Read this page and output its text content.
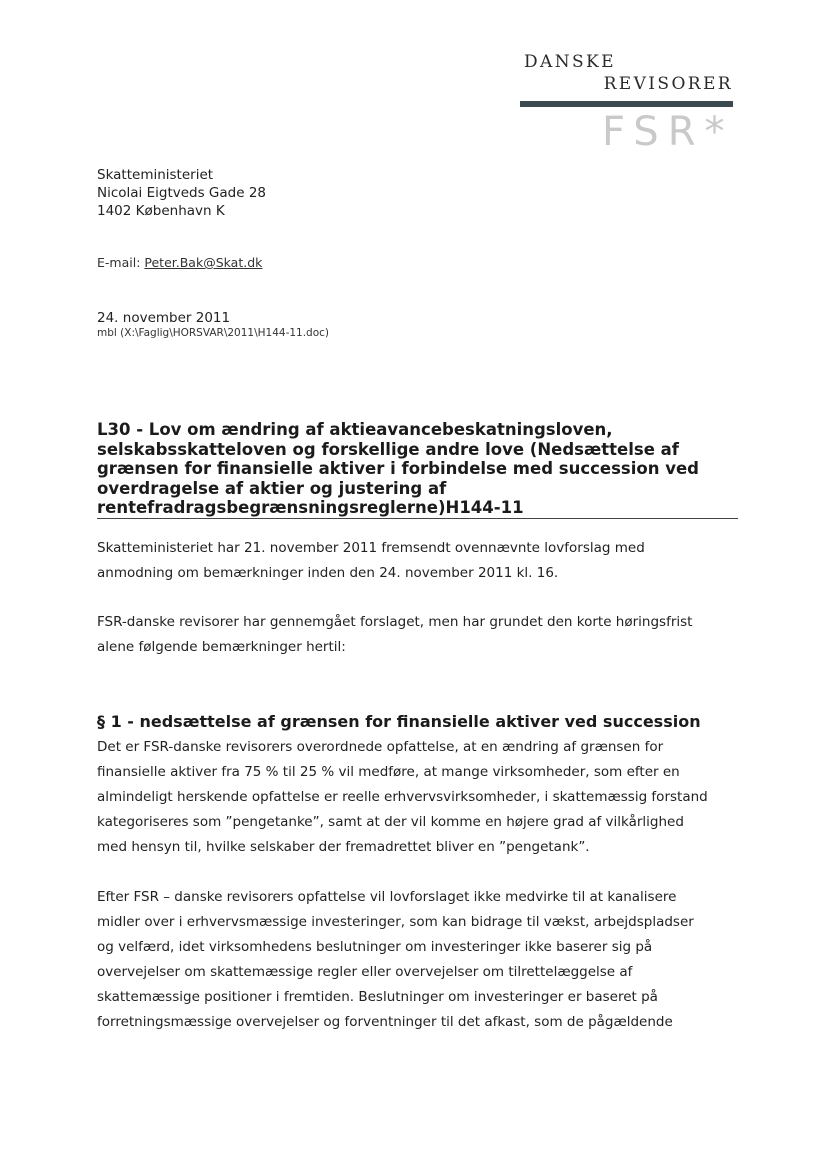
DANSKE
REVISORER
FSR*
Skatteministeriet
Nicolai Eigtveds Gade 28
1402 København K
E-mail: Peter.Bak@Skat.dk
24. november 2011
mbl (X:\Faglig\HORSVAR\2011\H144-11.doc)
L30 - Lov om ændring af aktieavancebeskatningsloven,
selskabsskatteloven og forskellige andre love (Nedsættelse af
grænsen for finansielle aktiver i forbindelse med succession ved
overdragelse af aktier og justering af
rentefradragsbegrænsningsreglerne)H144-11
Skatteministeriet har 21. november 2011 fremsendt ovennævnte lovforslag med
anmodning om bemærkninger inden den 24. november 2011 kl. 16.
FSR-danske revisorer har gennemgået forslaget, men har grundet den korte høringsfrist
alene følgende bemærkninger hertil:
§ 1 - nedsættelse af grænsen for finansielle aktiver ved succession
Det er FSR-danske revisorers overordnede opfattelse, at en ændring af grænsen for
finansielle aktiver fra 75 % til 25 % vil medføre, at mange virksomheder, som efter en
almindeligt herskende opfattelse er reelle erhvervsvirksomheder, i skattemæssig forstand
kategoriseres som ”pengetanke”, samt at der vil komme en højere grad af vilkårlighed
med hensyn til, hvilke selskaber der fremadrettet bliver en ”pengetank”.
Efter FSR – danske revisorers opfattelse vil lovforslaget ikke medvirke til at kanalisere
midler over i erhvervsmæssige investeringer, som kan bidrage til vækst, arbejdspladser
og velfærd, idet virksomhedens beslutninger om investeringer ikke baserer sig på
overvejelser om skattemæssige regler eller overvejelser om tilrettelæggelse af
skattemæssige positioner i fremtiden. Beslutninger om investeringer er baseret på
forretningsmæssige overvejelser og forventninger til det afkast, som de pågældende
